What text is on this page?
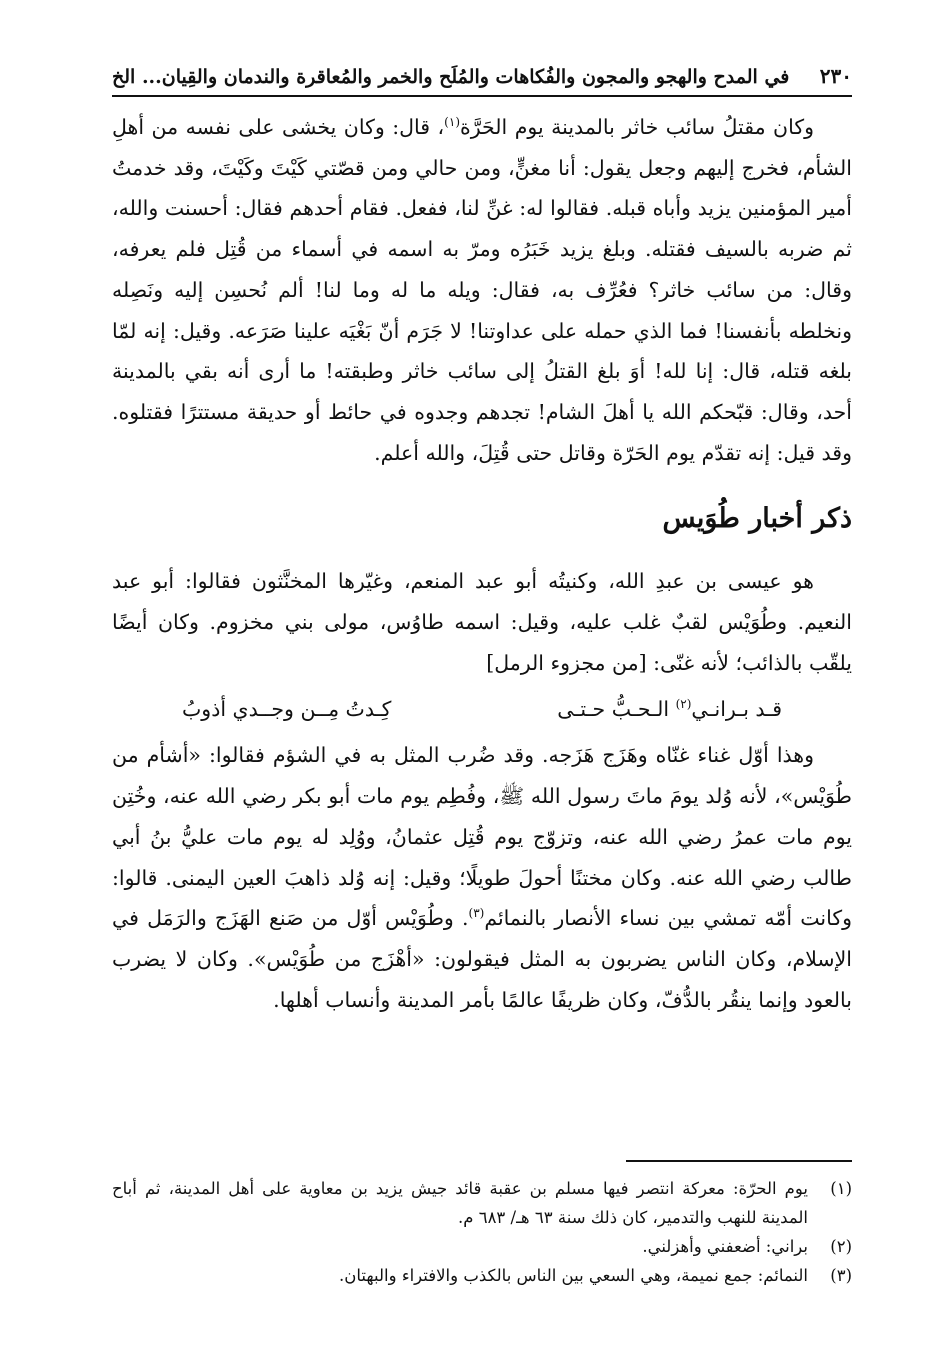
٢٣٠
في المدح والهجو والمجون والفُكاهات والمُلَح والخمر والمُعاقرة والندمان والقِيان... الخ

وكان مقتلُ سائب خاثر بالمدينة يوم الحَرَّة$^{(١)}$، قال: وكان يخشى على نفسه من أهلِ الشأم، فخرج إليهم وجعل يقول: أنا مغنٍّ، ومن حالي ومن قصّتي كَيْتَ وكَيْتَ، وقد خدمتُ أمير المؤمنين يزيد وأباه قبله. فقالوا له: غنِّ لنا، ففعل. فقام أحدهم فقال: أحسنت والله، ثم ضربه بالسيف فقتله. وبلغ يزيد خَبَرُه ومرّ به اسمه في أسماء من قُتِل فلم يعرفه، وقال: من سائب خاثر؟ فعُرِّف به، فقال: ويله ما له وما لنا! ألم نُحسِن إليه ونَصِله ونخلطه بأنفسنا! فما الذي حمله على عداوتنا! لا جَرَم أنّ بَغْيَه علينا صَرَعه. وقيل: إنه لمّا بلغه قتله، قال: إنا لله! أوَ بلغ القتلُ إلى سائب خاثر وطبقته! ما أرى أنه بقي بالمدينة أحد، وقال: قبّحكم الله يا أهلَ الشام! تجدهم وجدوه في حائط أو حديقة مستترًا فقتلوه. وقد قيل: إنه تقدّم يوم الحَرّة وقاتل حتى قُتِلَ، والله أعلم.

ذكر أخبار طُوَيس

هو عيسى بن عبدِ الله، وكنيتُه أبو عبد المنعم، وغيّرها المخنَّثون فقالوا: أبو عبد النعيم. وطُوَيْس لقبٌ غلب عليه، وقيل: اسمه طاوُس، مولى بني مخزوم. وكان أيضًا يلقّب بالذائب؛ لأنه غنّى: [من مجزوء الرمل]

قـد بـرانـي$^{(٢)}$ الـحـبُّ حـتـى
كِـدتُ مِــن وجــدي أذوبُ

وهذا أوّل غناء غنّاه وهَزَج هَزَجه. وقد ضُرب المثل به في الشؤم فقالوا: «أشأم من طُوَيْس»، لأنه وُلد يومَ ماتَ رسول الله ﷺ، وفُطِم يوم مات أبو بكر رضي الله عنه، وخُتِن يوم مات عمرُ رضي الله عنه، وتزوّج يوم قُتِل عثمانُ، ووُلِد له يوم مات عليُّ بنُ أبي طالب رضي الله عنه. وكان مختنًا أحولَ طويلًا؛ وقيل: إنه وُلد ذاهبَ العين اليمنى. قالوا: وكانت أمّه تمشي بين نساء الأنصار بالنمائم$^{(٣)}$. وطُوَيْس أوّل من صَنع الهَزَج والرَمَل في الإسلام، وكان الناس يضربون به المثل فيقولون: «أهْزَج من طُوَيْس». وكان لا يضرب بالعود وإنما ينقُر بالدُّفّ، وكان ظريفًا عالمًا بأمر المدينة وأنساب أهلها.

(١)
يوم الحرّة: معركة انتصر فيها مسلم بن عقبة قائد جيش يزيد بن معاوية على أهل المدينة، ثم أباح المدينة للنهب والتدمير، كان ذلك سنة ٦٣ هـ/ ٦٨٣ م.
(٢)
براني: أضعفني وأهزلني.
(٣)
النمائم: جمع نميمة، وهي السعي بين الناس بالكذب والافتراء والبهتان.
